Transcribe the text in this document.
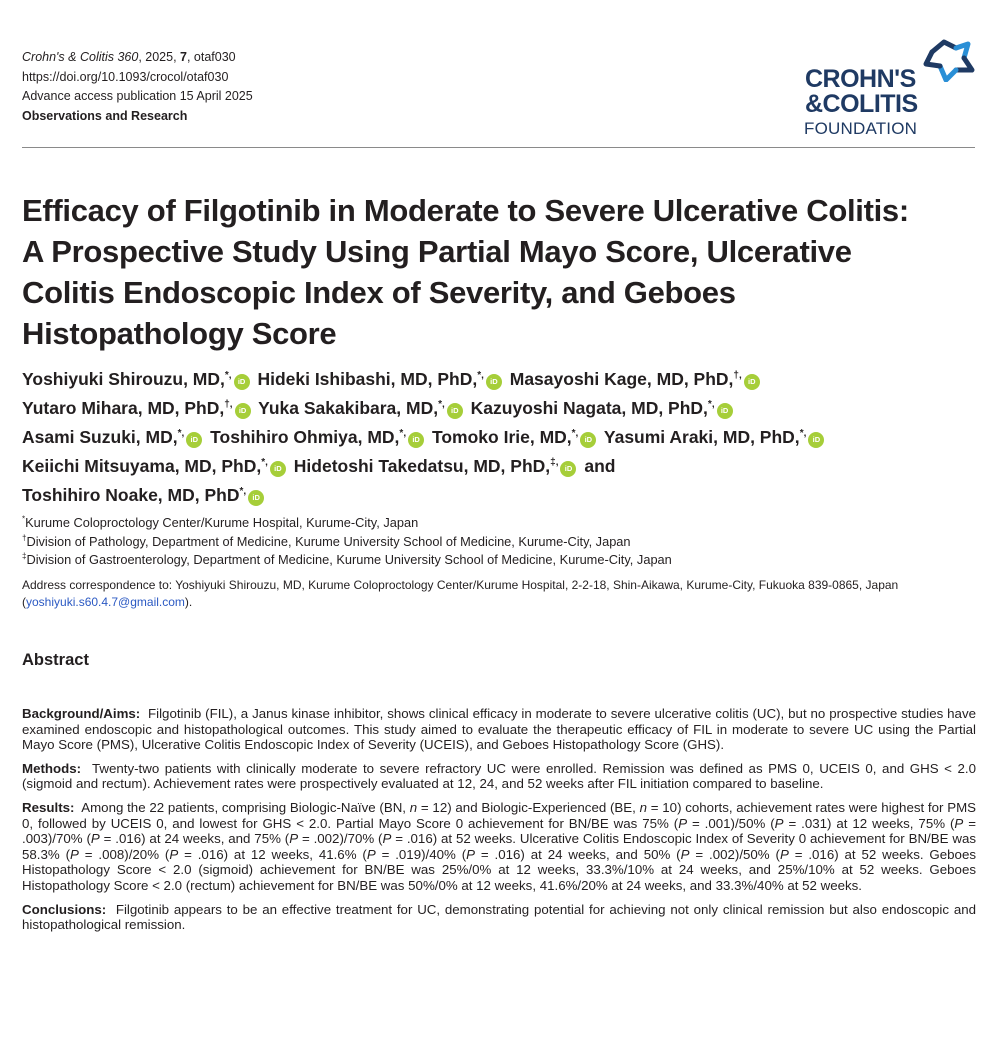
Crohn's & Colitis 360, 2025, 7, otaf030
https://doi.org/10.1093/crocol/otaf030
Advance access publication 15 April 2025
Observations and Research
CROHN'S
&COLITIS
FOUNDATION
Efficacy of Filgotinib in Moderate to Severe Ulcerative Colitis: A Prospective Study Using Partial Mayo Score, Ulcerative Colitis Endoscopic Index of Severity, and Geboes Histopathology Score
Yoshiyuki Shirouzu, MD,*,iD Hideki Ishibashi, MD, PhD,*,iD Masayoshi Kage, MD, PhD,†,iD
Yutaro Mihara, MD, PhD,†,iD Yuka Sakakibara, MD,*,iD Kazuyoshi Nagata, MD, PhD,*,iD
Asami Suzuki, MD,*,iD Toshihiro Ohmiya, MD,*,iD Tomoko Irie, MD,*,iD Yasumi Araki, MD, PhD,*,iD
Keiichi Mitsuyama, MD, PhD,*,iD Hidetoshi Takedatsu, MD, PhD,‡,iD and
Toshihiro Noake, MD, PhD*,iD
*Kurume Coloproctology Center/Kurume Hospital, Kurume-City, Japan
†Division of Pathology, Department of Medicine, Kurume University School of Medicine, Kurume-City, Japan
‡Division of Gastroenterology, Department of Medicine, Kurume University School of Medicine, Kurume-City, Japan
Address correspondence to: Yoshiyuki Shirouzu, MD, Kurume Coloproctology Center/Kurume Hospital, 2-2-18, Shin-Aikawa, Kurume-City, Fukuoka 839-0865, Japan (yoshiyuki.s60.4.7@gmail.com).
Abstract

Background/Aims: Filgotinib (FIL), a Janus kinase inhibitor, shows clinical efficacy in moderate to severe ulcerative colitis (UC), but no prospective studies have examined endoscopic and histopathological outcomes. This study aimed to evaluate the therapeutic efficacy of FIL in moderate to severe UC using the Partial Mayo Score (PMS), Ulcerative Colitis Endoscopic Index of Severity (UCEIS), and Geboes Histopathology Score (GHS).

Methods: Twenty-two patients with clinically moderate to severe refractory UC were enrolled. Remission was defined as PMS 0, UCEIS 0, and GHS < 2.0 (sigmoid and rectum). Achievement rates were prospectively evaluated at 12, 24, and 52 weeks after FIL initiation compared to baseline.

Results: Among the 22 patients, comprising Biologic-Naïve (BN, n = 12) and Biologic-Experienced (BE, n = 10) cohorts, achievement rates were highest for PMS 0, followed by UCEIS 0, and lowest for GHS < 2.0. Partial Mayo Score 0 achievement for BN/BE was 75% (P = .001)/50% (P = .031) at 12 weeks, 75% (P = .003)/70% (P = .016) at 24 weeks, and 75% (P = .002)/70% (P = .016) at 52 weeks. Ulcerative Colitis Endoscopic Index of Severity 0 achievement for BN/BE was 58.3% (P = .008)/20% (P = .016) at 12 weeks, 41.6% (P = .019)/40% (P = .016) at 24 weeks, and 50% (P = .002)/50% (P = .016) at 52 weeks. Geboes Histopathology Score < 2.0 (sigmoid) achievement for BN/BE was 25%/0% at 12 weeks, 33.3%/10% at 24 weeks, and 25%/10% at 52 weeks. Geboes Histopathology Score < 2.0 (rectum) achievement for BN/BE was 50%/0% at 12 weeks, 41.6%/20% at 24 weeks, and 33.3%/40% at 52 weeks.

Conclusions: Filgotinib appears to be an effective treatment for UC, demonstrating potential for achieving not only clinical remission but also endoscopic and histopathological remission.
